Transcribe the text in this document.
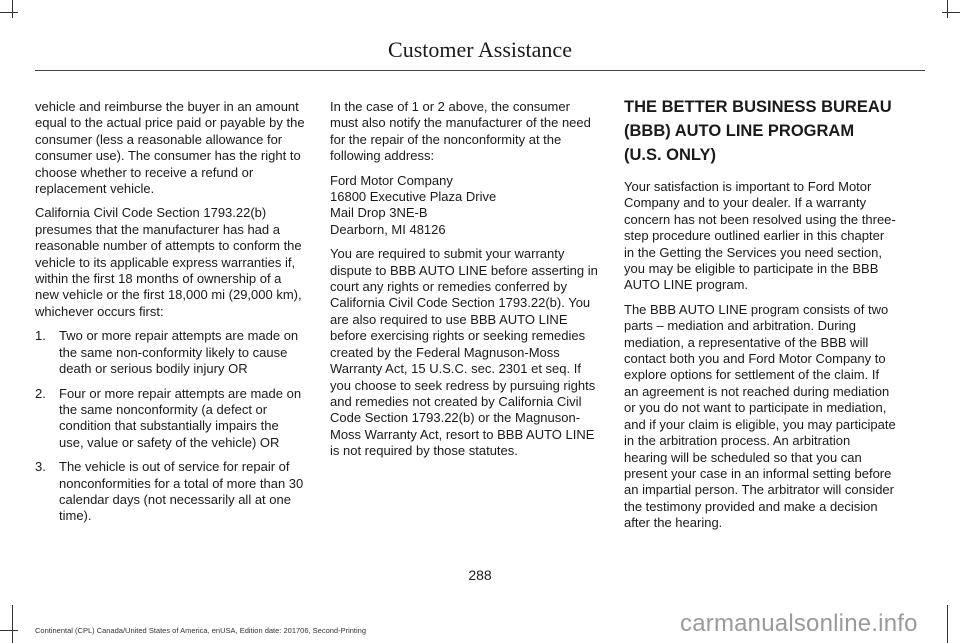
Customer Assistance

vehicle and reimburse the buyer in an amount equal to the actual price paid or payable by the consumer (less a reasonable allowance for consumer use). The consumer has the right to choose whether to receive a refund or replacement vehicle.

California Civil Code Section 1793.22(b) presumes that the manufacturer has had a reasonable number of attempts to conform the vehicle to its applicable express warranties if, within the first 18 months of ownership of a new vehicle or the first 18,000 mi (29,000 km), whichever occurs first:

1. Two or more repair attempts are made on the same non-conformity likely to cause death or serious bodily injury OR
2. Four or more repair attempts are made on the same nonconformity (a defect or condition that substantially impairs the use, value or safety of the vehicle) OR
3. The vehicle is out of service for repair of nonconformities for a total of more than 30 calendar days (not necessarily all at one time).

In the case of 1 or 2 above, the consumer must also notify the manufacturer of the need for the repair of the nonconformity at the following address:

Ford Motor Company
16800 Executive Plaza Drive
Mail Drop 3NE-B
Dearborn, MI 48126

You are required to submit your warranty dispute to BBB AUTO LINE before asserting in court any rights or remedies conferred by California Civil Code Section 1793.22(b). You are also required to use BBB AUTO LINE before exercising rights or seeking remedies created by the Federal Magnuson-Moss Warranty Act, 15 U.S.C. sec. 2301 et seq. If you choose to seek redress by pursuing rights and remedies not created by California Civil Code Section 1793.22(b) or the Magnuson-Moss Warranty Act, resort to BBB AUTO LINE is not required by those statutes.

THE BETTER BUSINESS BUREAU (BBB) AUTO LINE PROGRAM (U.S. ONLY)

Your satisfaction is important to Ford Motor Company and to your dealer. If a warranty concern has not been resolved using the three-step procedure outlined earlier in this chapter in the Getting the Services you need section, you may be eligible to participate in the BBB AUTO LINE program.

The BBB AUTO LINE program consists of two parts – mediation and arbitration. During mediation, a representative of the BBB will contact both you and Ford Motor Company to explore options for settlement of the claim. If an agreement is not reached during mediation or you do not want to participate in mediation, and if your claim is eligible, you may participate in the arbitration process. An arbitration hearing will be scheduled so that you can present your case in an informal setting before an impartial person. The arbitrator will consider the testimony provided and make a decision after the hearing.

288
Continental (CPL) Canada/United States of America, enUSA, Edition date: 201706, Second-Printing	carmanualsonline.info
